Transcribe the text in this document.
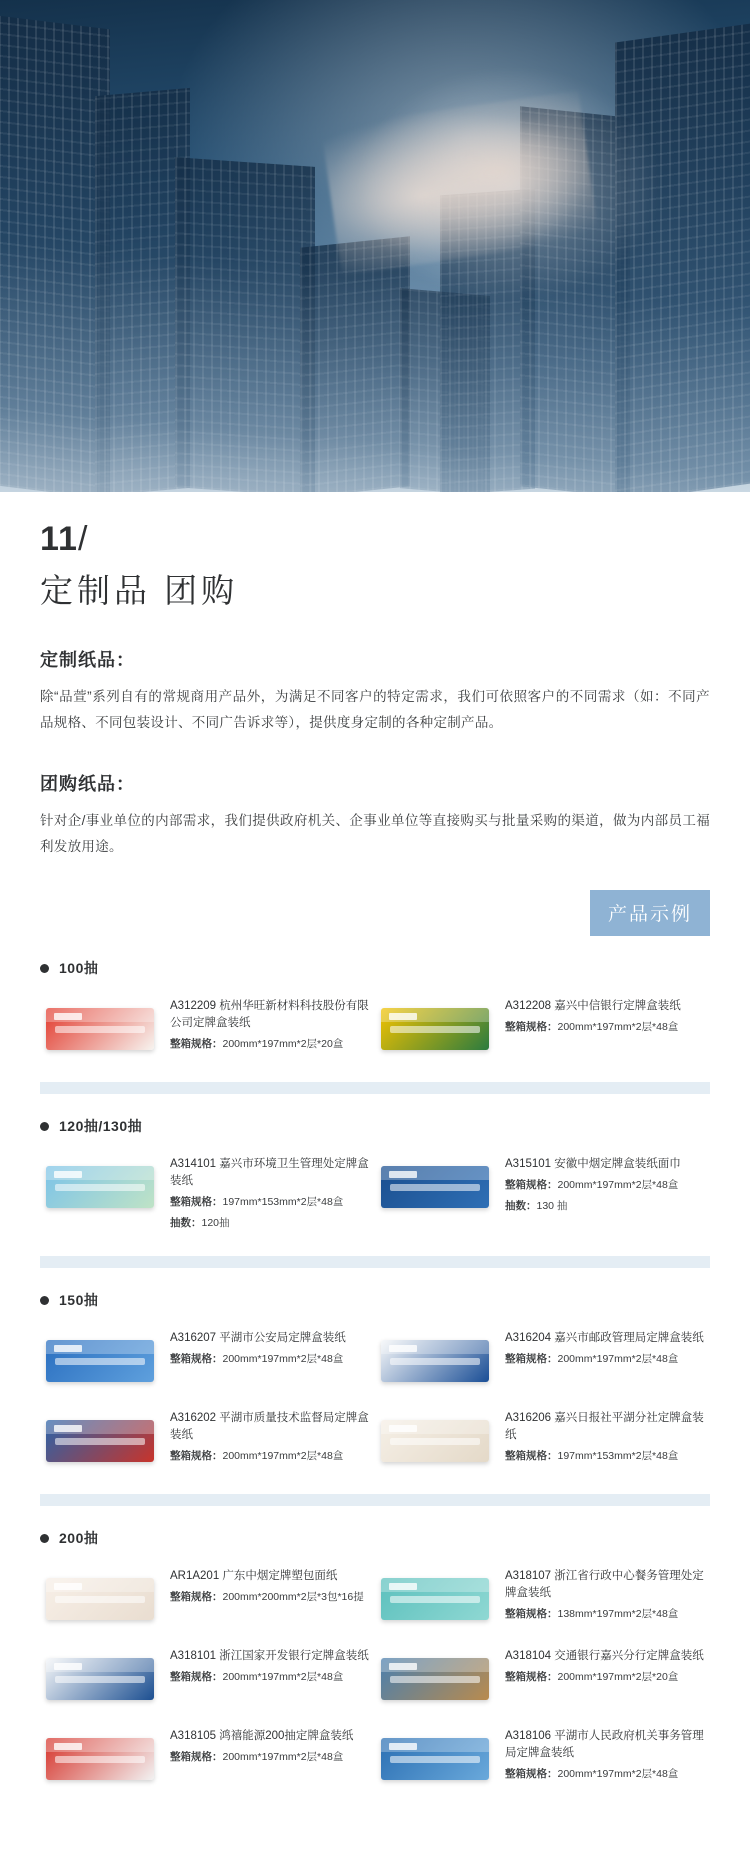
11/
定制品 团购
定制纸品：
除“品萱”系列自有的常规商用产品外，为满足不同客户的特定需求，我们可依照客户的不同需求（如：不同产品规格、不同包装设计、不同广告诉求等），提供度身定制的各种定制产品。
团购纸品：
针对企/事业单位的内部需求，我们提供政府机关、企事业单位等直接购买与批量采购的渠道，做为内部员工福利发放用途。
产品示例
100抽
A312209 杭州华旺新材料科技股份有限公司定牌盒装纸
整箱规格：200mm*197mm*2层*20盒
A312208 嘉兴中信银行定牌盒装纸
整箱规格：200mm*197mm*2层*48盒
120抽/130抽
A314101 嘉兴市环境卫生管理处定牌盒装纸
整箱规格：197mm*153mm*2层*48盒
抽数：120抽
A315101 安徽中烟定牌盒装纸面巾
整箱规格：200mm*197mm*2层*48盒
抽数：130 抽
150抽
A316207 平湖市公安局定牌盒装纸
整箱规格：200mm*197mm*2层*48盒
A316204 嘉兴市邮政管理局定牌盒装纸
整箱规格：200mm*197mm*2层*48盒
A316202 平湖市质量技术监督局定牌盒装纸
整箱规格：200mm*197mm*2层*48盒
A316206 嘉兴日报社平湖分社定牌盒装纸
整箱规格：197mm*153mm*2层*48盒
200抽
AR1A201 广东中烟定牌塑包面纸
整箱规格：200mm*200mm*2层*3包*16提
A318107 浙江省行政中心餐务管理处定牌盒装纸
整箱规格：138mm*197mm*2层*48盒
A318101 浙江国家开发银行定牌盒装纸
整箱规格：200mm*197mm*2层*48盒
A318104 交通银行嘉兴分行定牌盒装纸
整箱规格：200mm*197mm*2层*20盒
A318105 鸿禧能源200抽定牌盒装纸
整箱规格：200mm*197mm*2层*48盒
A318106 平湖市人民政府机关事务管理局定牌盒装纸
整箱规格：200mm*197mm*2层*48盒
